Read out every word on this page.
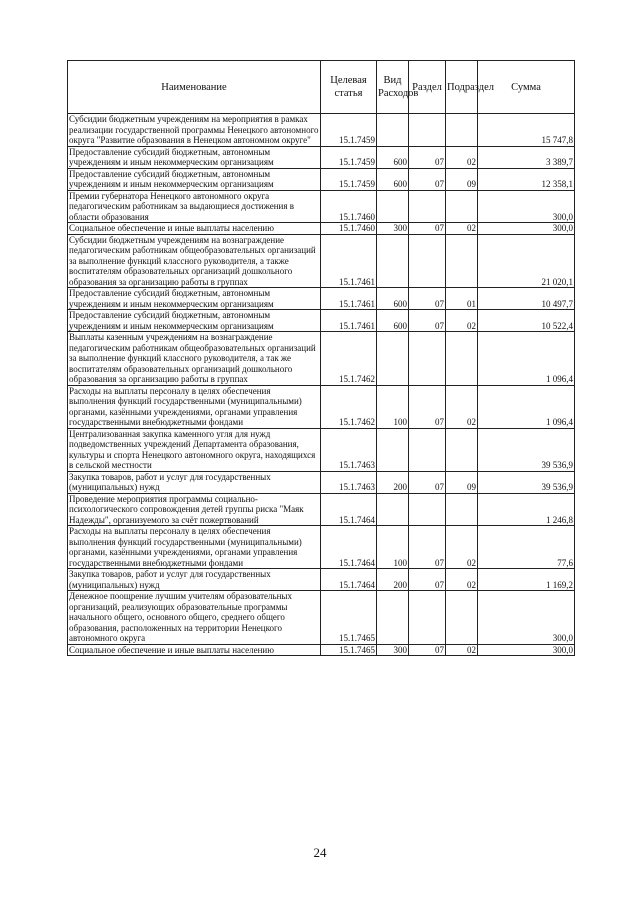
Наименование	Целевая статья	Вид Расходов	Раздел	Подраздел	Сумма
Субсидии бюджетным учреждениям на мероприятия в рамках реализации государственной программы Ненецкого автономного округа "Развитие образования в Ненецком автономном округе"	15.1.7459				15 747,8
Предоставление субсидий бюджетным, автономным учреждениям и иным некоммерческим организациям	15.1.7459	600	07	02	3 389,7
Предоставление субсидий бюджетным, автономным учреждениям и иным некоммерческим организациям	15.1.7459	600	07	09	12 358,1
Премии губернатора Ненецкого автономного округа педагогическим работникам за выдающиеся достижения в области образования	15.1.7460				300,0
Социальное обеспечение и иные выплаты населению	15.1.7460	300	07	02	300,0
Субсидии бюджетным учреждениям на вознаграждение педагогическим работникам общеобразовательных организаций за выполнение функций классного руководителя, а также воспитателям образовательных организаций дошкольного образования за организацию работы в группах	15.1.7461				21 020,1
Предоставление субсидий бюджетным, автономным учреждениям и иным некоммерческим организациям	15.1.7461	600	07	01	10 497,7
Предоставление субсидий бюджетным, автономным учреждениям и иным некоммерческим организациям	15.1.7461	600	07	02	10 522,4
Выплаты казенным учреждениям на вознаграждение педагогическим работникам общеобразовательных организаций за выполнение функций классного руководителя, а так же воспитателям образовательных организаций дошкольного образования за организацию работы в группах	15.1.7462				1 096,4
Расходы на выплаты персоналу в целях обеспечения выполнения функций государственными (муниципальными) органами, казёнными учреждениями, органами управления государственными внебюджетными фондами	15.1.7462	100	07	02	1 096,4
Централизованная закупка каменного угля для нужд подведомственных учреждений Департамента образования, культуры и спорта Ненецкого автономного округа, находящихся в сельской местности	15.1.7463				39 536,9
Закупка товаров, работ и услуг для государственных (муниципальных) нужд	15.1.7463	200	07	09	39 536,9
Проведение мероприятия программы социально-психологического сопровождения детей группы риска "Маяк Надежды", организуемого за счёт пожертвований	15.1.7464				1 246,8
Расходы на выплаты персоналу в целях обеспечения выполнения функций государственными (муниципальными) органами, казёнными учреждениями, органами управления государственными внебюджетными фондами	15.1.7464	100	07	02	77,6
Закупка товаров, работ и услуг для государственных (муниципальных) нужд	15.1.7464	200	07	02	1 169,2
Денежное поощрение лучшим учителям образовательных организаций, реализующих образовательные программы начального общего, основного общего, среднего общего образования, расположенных на территории Ненецкого автономного округа	15.1.7465				300,0
Социальное обеспечение и иные выплаты населению	15.1.7465	300	07	02	300,0
24
